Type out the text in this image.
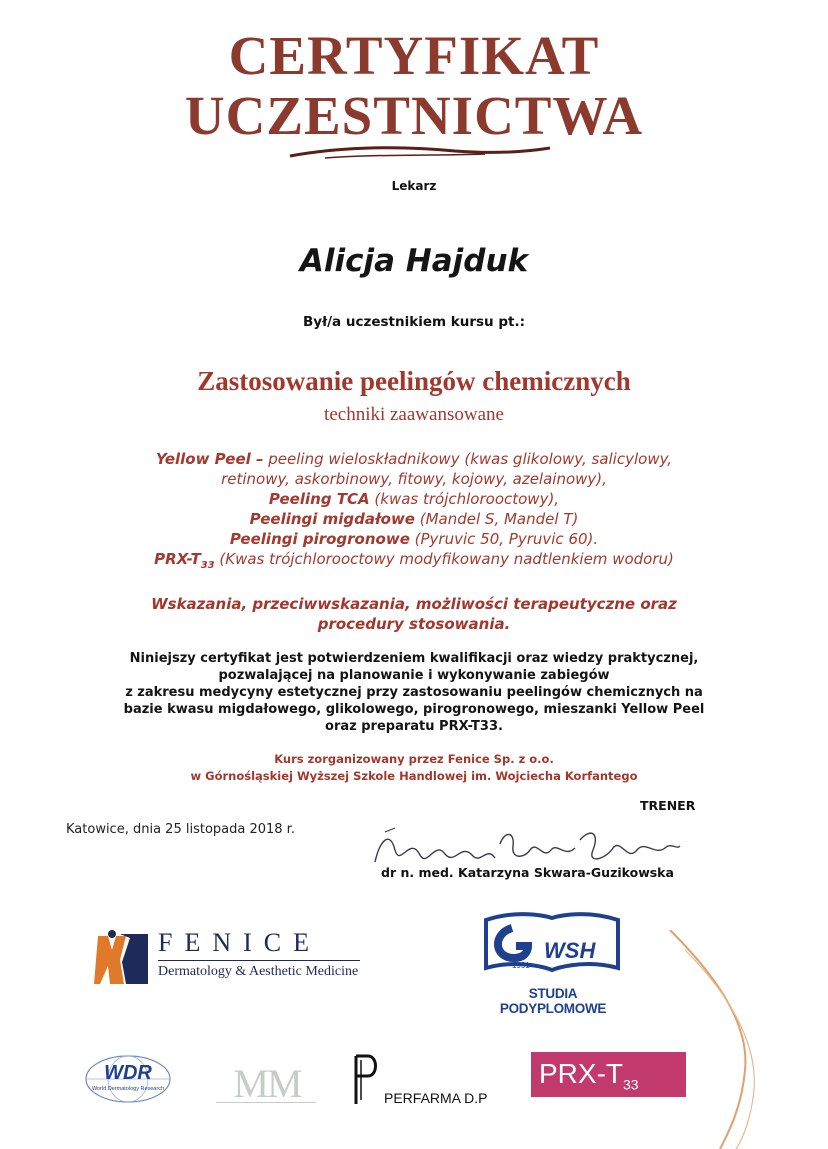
CERTYFIKAT
UCZESTNICTWA
Lekarz
Alicja Hajduk
Był/a uczestnikiem kursu pt.:
Zastosowanie peelingów chemicznych
techniki zaawansowane
Yellow Peel – peeling wieloskładnikowy (kwas glikolowy, salicylowy,
retinowy, askorbinowy, fitowy, kojowy, azelainowy),
Peeling TCA (kwas trójchlorooctowy),
Peelingi migdałowe (Mandel S, Mandel T)
Peelingi pirogronowe (Pyruvic 50, Pyruvic 60).
PRX-$T_{33}$ (Kwas trójchlorooctowy modyfikowany nadtlenkiem wodoru)
Wskazania, przeciwwskazania, możliwości terapeutyczne oraz
procedury stosowania.
Niniejszy certyfikat jest potwierdzeniem kwalifikacji oraz wiedzy praktycznej,
pozwalającej na planowanie i wykonywanie zabiegów
z zakresu medycyny estetycznej przy zastosowaniu peelingów chemicznych na
bazie kwasu migdałowego, glikolowego, pirogronowego, mieszanki Yellow Peel
oraz preparatu PRX-T33.
Kurs zorganizowany przez Fenice Sp. z o.o.
w Górnośląskiej Wyższej Szkole Handlowej im. Wojciecha Korfantego
TRENER
Katowice, dnia 25 listopada 2018 r.
dr n. med. Katarzyna Skwara-Guzikowska
FENICE
Dermatology & Aesthetic Medicine
WSH
1991
STUDIA PODYPLOMOWE
WDR
World Dermatology Research	MM	PERFARMA D.P
PRX-$T_{33}$
